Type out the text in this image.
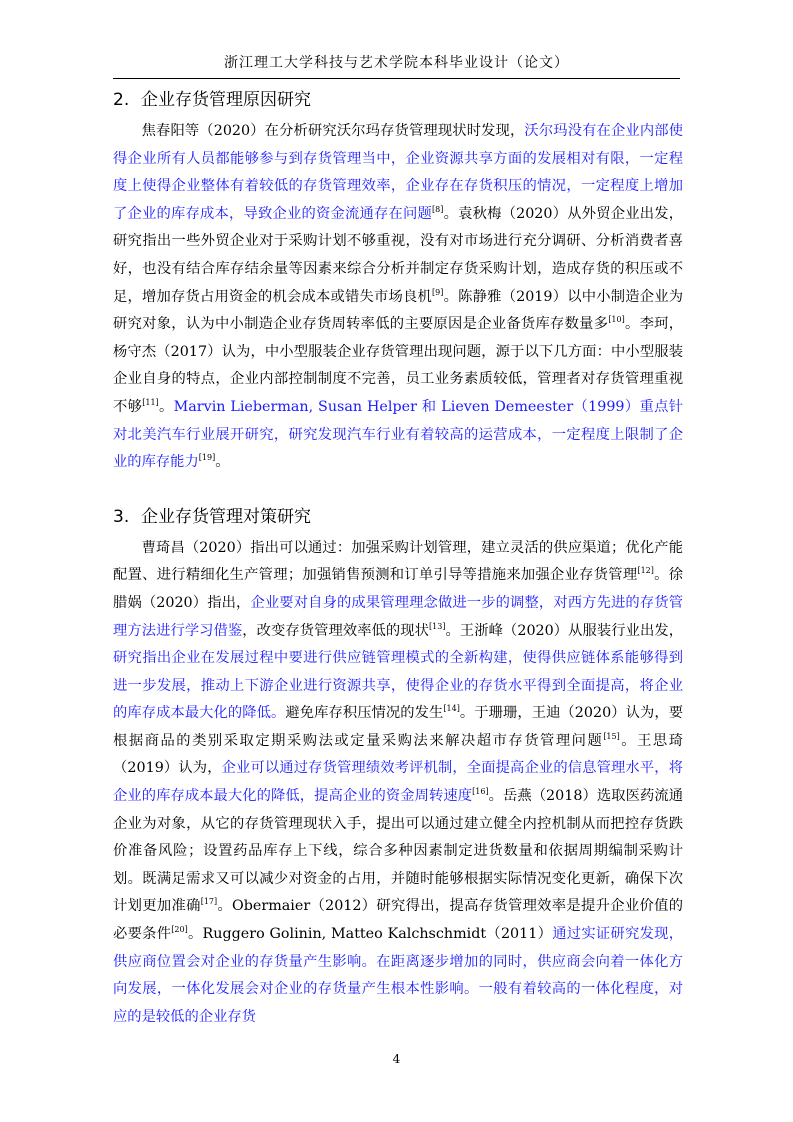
浙江理工大学科技与艺术学院本科毕业设计（论文）
2. 企业存货管理原因研究

焦春阳等（2020）在分析研究沃尔玛存货管理现状时发现，沃尔玛没有在企业内部使得企业所有人员都能够参与到存货管理当中，企业资源共享方面的发展相对有限，一定程度上使得企业整体有着较低的存货管理效率，企业存在存货积压的情况，一定程度上增加了企业的库存成本，导致企业的资金流通存在问题[8]。袁秋梅（2020）从外贸企业出发，研究指出一些外贸企业对于采购计划不够重视，没有对市场进行充分调研、分析消费者喜好，也没有结合库存结余量等因素来综合分析并制定存货采购计划，造成存货的积压或不足，增加存货占用资金的机会成本或错失市场良机[9]。陈静雅（2019）以中小制造企业为研究对象，认为中小制造企业存货周转率低的主要原因是企业备货库存数量多[10]。李珂，杨守杰（2017）认为，中小型服装企业存货管理出现问题，源于以下几方面：中小型服装企业自身的特点，企业内部控制制度不完善，员工业务素质较低，管理者对存货管理重视不够[11]。Marvin Lieberman, Susan Helper 和 Lieven Demeester（1999）重点针对北美汽车行业展开研究，研究发现汽车行业有着较高的运营成本，一定程度上限制了企业的库存能力[19]。

3. 企业存货管理对策研究

曹琦昌（2020）指出可以通过：加强采购计划管理，建立灵活的供应渠道；优化产能配置、进行精细化生产管理；加强销售预测和订单引导等措施来加强企业存货管理[12]。徐腊娲（2020）指出，企业要对自身的成果管理理念做进一步的调整，对西方先进的存货管理方法进行学习借鉴，改变存货管理效率低的现状[13]。王浙峰（2020）从服装行业出发，研究指出企业在发展过程中要进行供应链管理模式的全新构建，使得供应链体系能够得到进一步发展，推动上下游企业进行资源共享，使得企业的存货水平得到全面提高，将企业的库存成本最大化的降低。避免库存积压情况的发生[14]。于珊珊，王迪（2020）认为，要根据商品的类别采取定期采购法或定量采购法来解决超市存货管理问题[15]。王思琦（2019）认为，企业可以通过存货管理绩效考评机制，全面提高企业的信息管理水平，将企业的库存成本最大化的降低，提高企业的资金周转速度[16]。岳燕（2018）选取医药流通企业为对象，从它的存货管理现状入手，提出可以通过建立健全内控机制从而把控存货跌价准备风险；设置药品库存上下线，综合多种因素制定进货数量和依据周期编制采购计划。既满足需求又可以减少对资金的占用，并随时能够根据实际情况变化更新，确保下次计划更加准确[17]。Obermaier（2012）研究得出，提高存货管理效率是提升企业价值的必要条件[20]。Ruggero Golinin, Matteo Kalchschmidt（2011）通过实证研究发现，供应商位置会对企业的存货量产生影响。在距离逐步增加的同时，供应商会向着一体化方向发展，一体化发展会对企业的存货量产生根本性影响。一般有着较高的一体化程度，对应的是较低的企业存货

4
